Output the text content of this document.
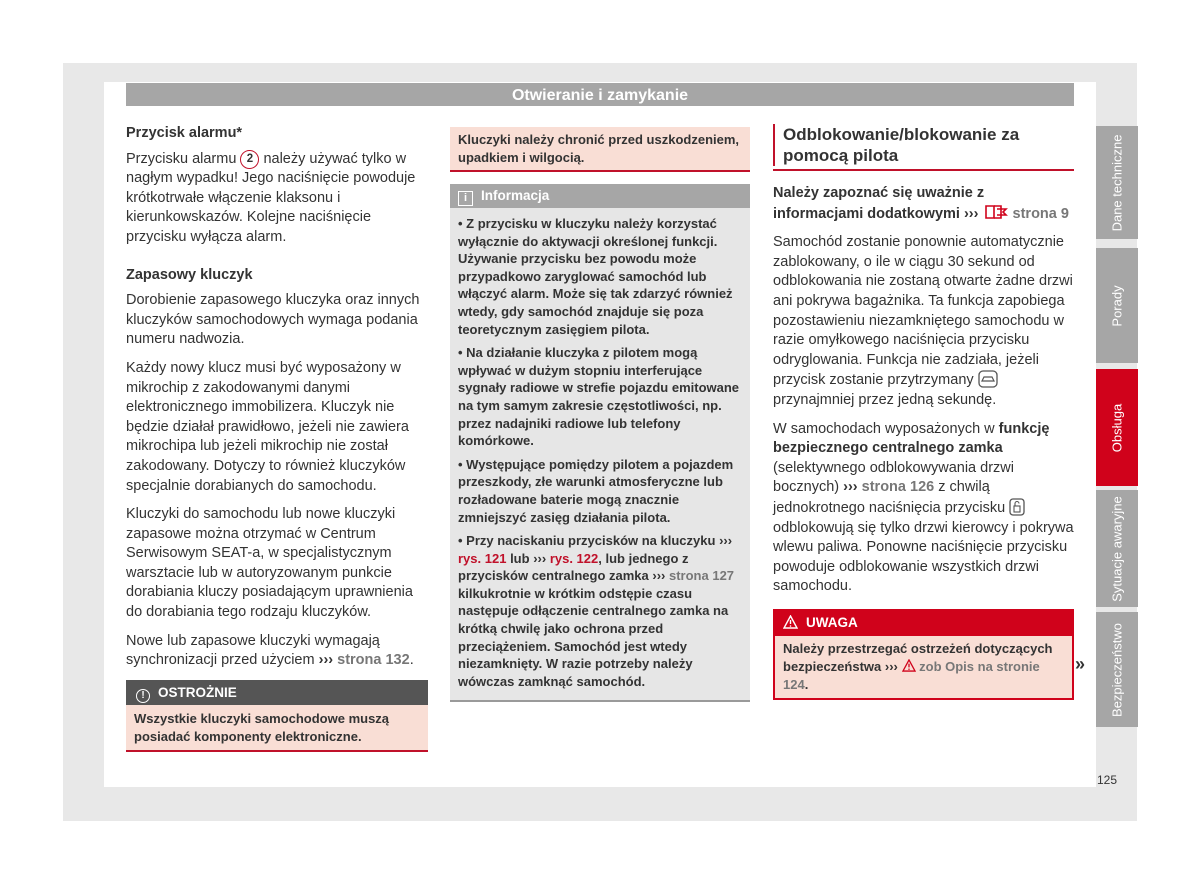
Otwieranie i zamykanie
Przycisk alarmu*

Przycisku alarmu 2 należy używać tylko w nagłym wypadku! Jego naciśnięcie powoduje krótkotrwałe włączenie klaksonu i kierunkowskazów. Kolejne naciśnięcie przycisku wyłącza alarm.

Zapasowy kluczyk

Dorobienie zapasowego kluczyka oraz innych kluczyków samochodowych wymaga podania numeru nadwozia.

Każdy nowy klucz musi być wyposażony w mikrochip z zakodowanymi danymi elektronicznego immobilizera. Kluczyk nie będzie działał prawidłowo, jeżeli nie zawiera mikrochipa lub jeżeli mikrochip nie został zakodowany. Dotyczy to również kluczyków specjalnie dorabianych do samochodu.

Kluczyki do samochodu lub nowe kluczyki zapasowe można otrzymać w Centrum Serwisowym SEAT-a, w specjalistycznym warsztacie lub w autoryzowanym punkcie dorabiania kluczy posiadającym uprawnienia do dorabiania tego rodzaju kluczyków.

Nowe lub zapasowe kluczyki wymagają synchronizacji przed użyciem ››› strona 132.

! OSTROŻNIE
Wszystkie kluczyki samochodowe muszą posiadać komponenty elektroniczne.
Kluczyki należy chronić przed uszkodzeniem, upadkiem i wilgocią.
i Informacja

• Z przycisku w kluczyku należy korzystać wyłącznie do aktywacji określonej funkcji. Używanie przycisku bez powodu może przypadkowo zaryglować samochód lub włączyć alarm. Może się tak zdarzyć również wtedy, gdy samochód znajduje się poza teoretycznym zasięgiem pilota.

• Na działanie kluczyka z pilotem mogą wpływać w dużym stopniu interferujące sygnały radiowe w strefie pojazdu emitowane na tym samym zakresie częstotliwości, np. przez nadajniki radiowe lub telefony komórkowe.

• Występujące pomiędzy pilotem a pojazdem przeszkody, złe warunki atmosferyczne lub rozładowane baterie mogą znacznie zmniejszyć zasięg działania pilota.

• Przy naciskaniu przycisków na kluczyku ››› rys. 121 lub ››› rys. 122, lub jednego z przycisków centralnego zamka ››› strona 127 kilkukrotnie w krótkim odstępie czasu następuje odłączenie centralnego zamka na krótką chwilę jako ochrona przed przeciążeniem. Samochód jest wtedy niezamknięty. W razie potrzeby należy wówczas zamknąć samochód.

Odblokowanie/blokowanie za pomocą pilota

Należy zapoznać się uważnie z informacjami dodatkowymi ››› strona 9

Samochód zostanie ponownie automatycznie zablokowany, o ile w ciągu 30 sekund od odblokowania nie zostaną otwarte żadne drzwi ani pokrywa bagażnika. Ta funkcja zapobiega pozostawieniu niezamkniętego samochodu w razie omyłkowego naciśnięcia przycisku odryglowania. Funkcja nie zadziała, jeżeli przycisk zostanie przytrzymany  przynajmniej przez jedną sekundę.

W samochodach wyposażonych w funkcję bezpiecznego centralnego zamka (selektywnego odblokowywania drzwi bocznych) ››› strona 126 z chwilą jednokrotnego naciśnięcia przycisku  odblokowują się tylko drzwi kierowcy i pokrywa wlewu paliwa. Ponowne naciśnięcie przycisku powoduje odblokowanie wszystkich drzwi samochodu.

UWAGA
Należy przestrzegać ostrzeżeń dotyczących bezpieczeństwa ››› zob Opis na stronie 124.
»
Dane techniczne
Porady
Obsługa
Sytuacje awaryjne
Bezpieczeństwo
125
